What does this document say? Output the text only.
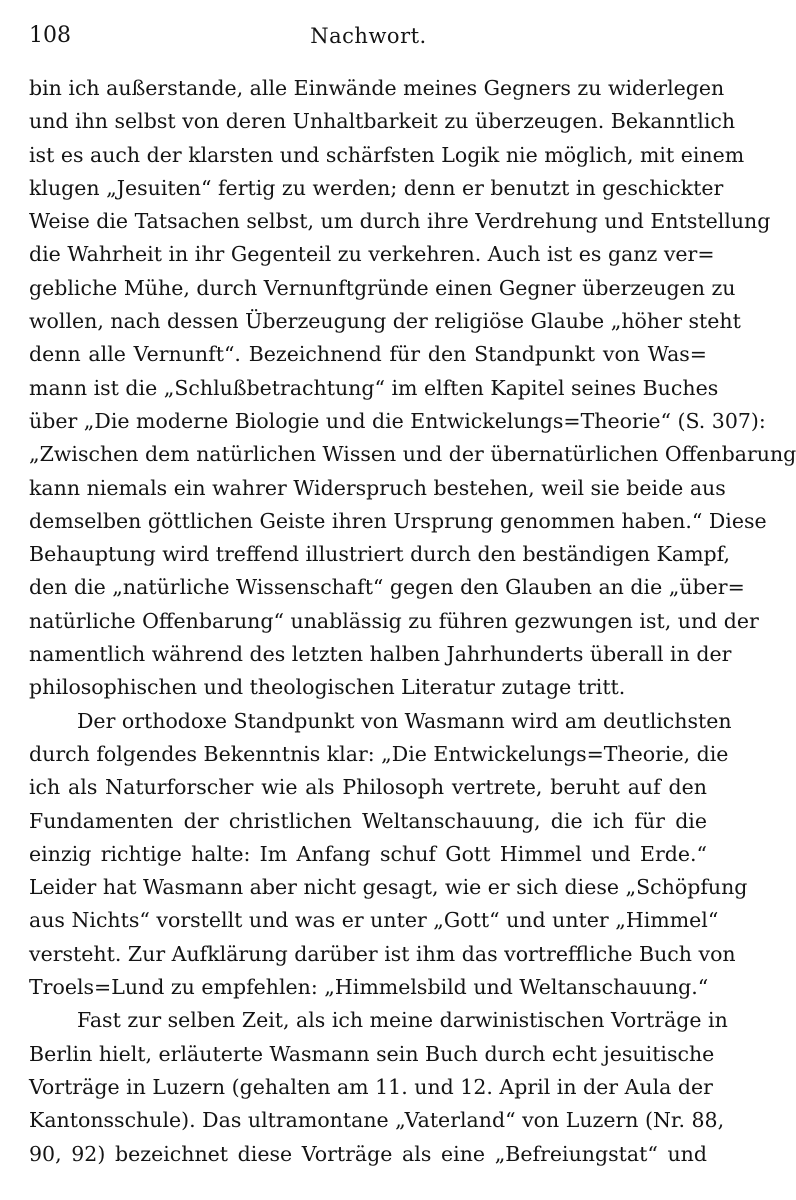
108	Nachwort.
bin ich außerstande, alle Einwände meines Gegners zu widerlegen
und ihn selbst von deren Unhaltbarkeit zu überzeugen. Bekanntlich
ist es auch der klarsten und schärfsten Logik nie möglich, mit einem
klugen „Jesuiten“ fertig zu werden; denn er benutzt in geschickter
Weise die Tatsachen selbst, um durch ihre Verdrehung und Entstellung
die Wahrheit in ihr Gegenteil zu verkehren. Auch ist es ganz ver=
gebliche Mühe, durch Vernunftgründe einen Gegner überzeugen zu
wollen, nach dessen Überzeugung der religiöse Glaube „höher steht
denn alle Vernunft“. Bezeichnend für den Standpunkt von Was=
mann ist die „Schlußbetrachtung“ im elften Kapitel seines Buches
über „Die moderne Biologie und die Entwickelungs=Theorie“ (S. 307):
„Zwischen dem natürlichen Wissen und der übernatürlichen Offenbarung
kann niemals ein wahrer Widerspruch bestehen, weil sie beide aus
demselben göttlichen Geiste ihren Ursprung genommen haben.“ Diese
Behauptung wird treffend illustriert durch den beständigen Kampf,
den die „natürliche Wissenschaft“ gegen den Glauben an die „über=
natürliche Offenbarung“ unablässig zu führen gezwungen ist, und der
namentlich während des letzten halben Jahrhunderts überall in der
philosophischen und theologischen Literatur zutage tritt.
Der orthodoxe Standpunkt von Wasmann wird am deutlichsten
durch folgendes Bekenntnis klar: „Die Entwickelungs=Theorie, die
ich als Naturforscher wie als Philosoph vertrete, beruht auf den
Fundamenten der christlichen Weltanschauung, die ich für die
einzig richtige halte: Im Anfang schuf Gott Himmel und Erde.“
Leider hat Wasmann aber nicht gesagt, wie er sich diese „Schöpfung
aus Nichts“ vorstellt und was er unter „Gott“ und unter „Himmel“
versteht. Zur Aufklärung darüber ist ihm das vortreffliche Buch von
Troels=Lund zu empfehlen: „Himmelsbild und Weltanschauung.“
Fast zur selben Zeit, als ich meine darwinistischen Vorträge in
Berlin hielt, erläuterte Wasmann sein Buch durch echt jesuitische
Vorträge in Luzern (gehalten am 11. und 12. April in der Aula der
Kantonsschule). Das ultramontane „Vaterland“ von Luzern (Nr. 88,
90, 92) bezeichnet diese Vorträge als eine „Befreiungstat“ und
